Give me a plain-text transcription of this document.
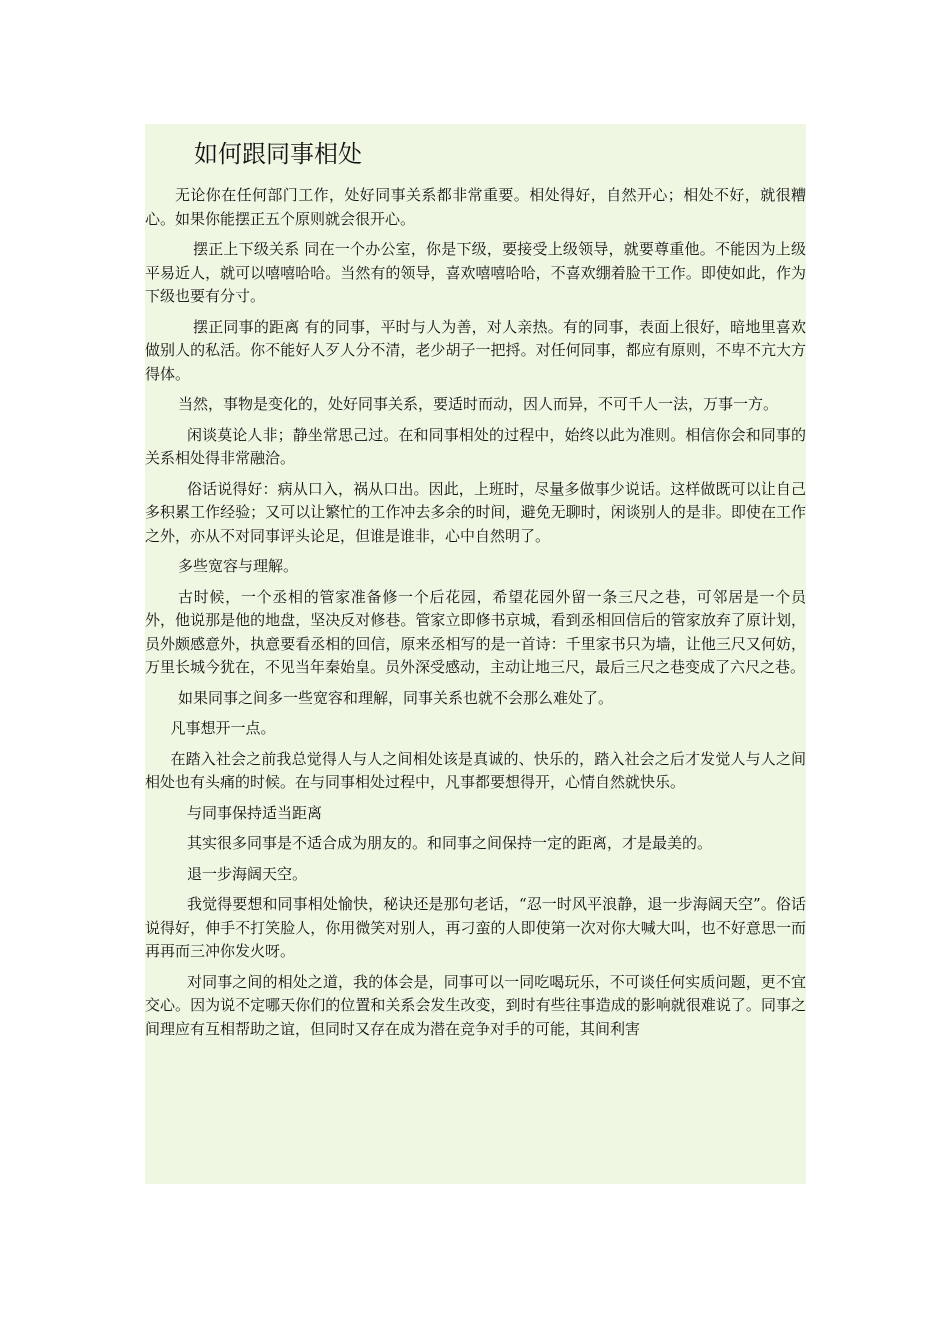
如何跟同事相处

无论你在任何部门工作，处好同事关系都非常重要。相处得好，自然开心；相处不好，就很糟心。如果你能摆正五个原则就会很开心。

摆正上下级关系 同在一个办公室，你是下级，要接受上级领导，就要尊重他。不能因为上级平易近人，就可以嘻嘻哈哈。当然有的领导，喜欢嘻嘻哈哈，不喜欢绷着脸干工作。即使如此，作为下级也要有分寸。

摆正同事的距离 有的同事，平时与人为善，对人亲热。有的同事，表面上很好，暗地里喜欢做别人的私活。你不能好人歹人分不清，老少胡子一把捋。对任何同事，都应有原则，不卑不亢大方得体。

当然，事物是变化的，处好同事关系，要适时而动，因人而异，不可千人一法，万事一方。

闲谈莫论人非；静坐常思己过。在和同事相处的过程中，始终以此为准则。相信你会和同事的关系相处得非常融洽。

俗话说得好：病从口入，祸从口出。因此，上班时，尽量多做事少说话。这样做既可以让自己多积累工作经验；又可以让繁忙的工作冲去多余的时间，避免无聊时，闲谈别人的是非。即使在工作之外，亦从不对同事评头论足，但谁是谁非，心中自然明了。

多些宽容与理解。

古时候，一个丞相的管家准备修一个后花园，希望花园外留一条三尺之巷，可邻居是一个员外，他说那是他的地盘，坚决反对修巷。管家立即修书京城，看到丞相回信后的管家放弃了原计划，员外颇感意外，执意要看丞相的回信，原来丞相写的是一首诗：千里家书只为墙，让他三尺又何妨，万里长城今犹在，不见当年秦始皇。员外深受感动，主动让地三尺，最后三尺之巷变成了六尺之巷。

如果同事之间多一些宽容和理解，同事关系也就不会那么难处了。

凡事想开一点。

在踏入社会之前我总觉得人与人之间相处该是真诚的、快乐的，踏入社会之后才发觉人与人之间相处也有头痛的时候。在与同事相处过程中，凡事都要想得开，心情自然就快乐。

与同事保持适当距离

其实很多同事是不适合成为朋友的。和同事之间保持一定的距离，才是最美的。

退一步海阔天空。

我觉得要想和同事相处愉快，秘诀还是那句老话，“忍一时风平浪静，退一步海阔天空”。俗话说得好，伸手不打笑脸人，你用微笑对别人，再刁蛮的人即使第一次对你大喊大叫，也不好意思一而再再而三冲你发火呀。

对同事之间的相处之道，我的体会是，同事可以一同吃喝玩乐，不可谈任何实质问题，更不宜交心。因为说不定哪天你们的位置和关系会发生改变，到时有些往事造成的影响就很难说了。同事之间理应有互相帮助之谊，但同时又存在成为潜在竞争对手的可能，其间利害
